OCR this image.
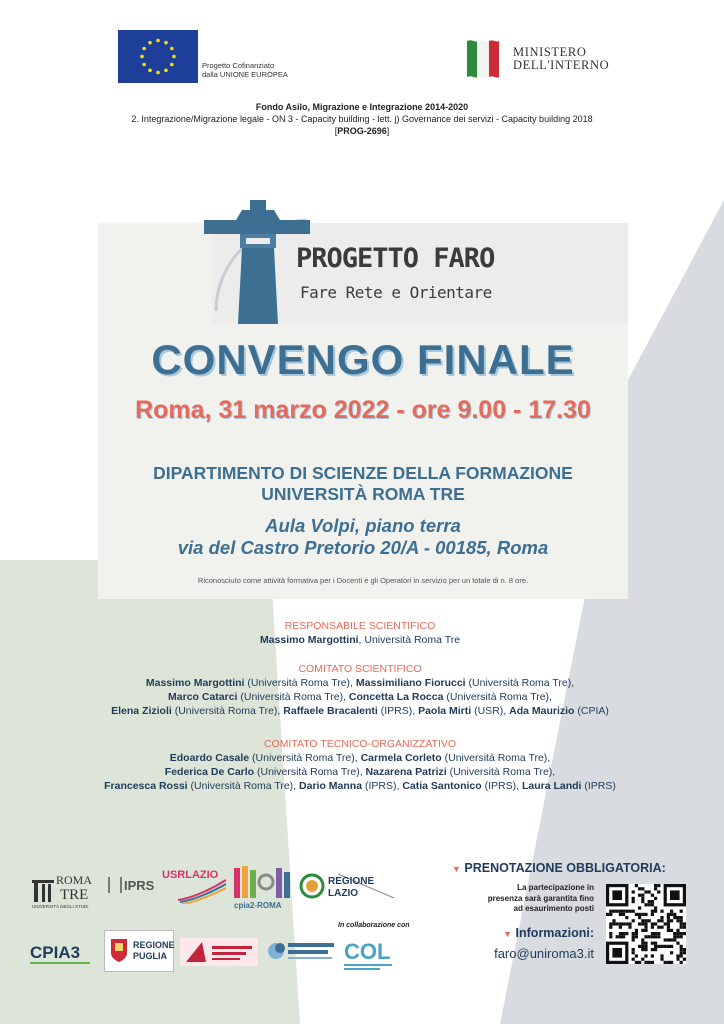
Progetto Cofinanziato
dalla UNIONE EUROPEA
MINISTERO
DELL'INTERNO
Fondo Asilo, Migrazione e Integrazione 2014-2020
2. Integrazione/Migrazione legale - ON 3 - Capacity building - lett. j) Governance dei servizi - Capacity building 2018
[PROG-2696]
PROGETTO FARO
Fare Rete e Orientare
CONVENGO FINALE
Roma, 31 marzo 2022 - ore 9.00 - 17.30
DIPARTIMENTO DI SCIENZE DELLA FORMAZIONE
UNIVERSITÀ ROMA TRE
Aula Volpi, piano terra
via del Castro Pretorio 20/A - 00185, Roma
Riconosciuto come attività formativa per i Docenti e gli Operatori in servizio per un totale di n. 8 ore.
RESPONSABILE SCIENTIFICO
Massimo Margottini, Università Roma Tre
COMITATO SCIENTIFICO
Massimo Margottini (Università Roma Tre), Massimiliano Fiorucci (Università Roma Tre),
Marco Catarci (Università Roma Tre), Concetta La Rocca (Università Roma Tre),
Elena Zizioli (Università Roma Tre), Raffaele Bracalenti (IPRS), Paola Mirti (USR), Ada Maurizio (CPIA)
COMITATO TECNICO-ORGANIZZATIVO
Edoardo Casale (Università Roma Tre), Carmela Corleto (Università Roma Tre),
Federica De Carlo (Università Roma Tre), Nazarena Patrizi (Università Roma Tre),
Francesca Rossi (Università Roma Tre), Dario Manna (IPRS), Catia Santonico (IPRS), Laura Landi (IPRS)
ROMA
TRE
UNIVERSITÀ DEGLI STUDI
IPRS
USRLAZIO
cpia2-ROMA
REGIONE
LAZIO
CPIA3	REGIONE
PUGLIA
In collaborazione con
COL
▼ PRENOTAZIONE OBBLIGATORIA:
La partecipazione in
presenza sarà garantita fino
ad esaurimento posti
▼ Informazioni:
faro@uniroma3.it
